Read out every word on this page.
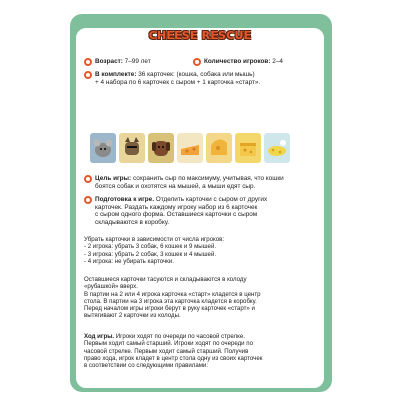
CHEESE RESCUE
Возраст: 7–99 лет	Количество игроков: 2–4
В комплекте: 36 карточек: (кошка, собака или мышь)
+ 4 набора по 6 карточек с сыром + 1 карточка «старт».
Цель игры: сохранить сыр по максимуму, учитывая, что кошки
боятся собак и охотятся на мышей, а мыши едят сыр.
Подготовка к игре. Отделить карточки с сыром от других
карточек. Раздать каждому игроку набор из 6 карточек
с сыром одного форма. Оставшиеся карточки с сыром
складываются в коробку.
Убрать карточки в зависимости от числа игроков:
- 2 игрока: убрать 3 собак, 6 кошек и 9 мышей.
- 3 игрока: убрать 2 собак, 3 кошек и 4 мышей.
- 4 игрока: не убирать карточки.
Оставшиеся карточки тасуются и складываются в колоду
«рубашкой» вверх.
В партии на 2 или 4 игрока карточка «старт» кладется в центр
стола. В партии на 3 игрока эта карточка кладется в коробку.
Перед началом игры игроки берут в руку карточек «старт» и
вытягивают 2 карточки из колоды.
Ход игры. Игроки ходят по очереди по часовой стрелке.
Первым ходит самый старший. Игроки ходят по очереди по
часовой стрелке. Первым ходит самый старший. Получив
право хода, игрок кладет в центр стола одну из своих карточек
в соответствии со следующими правилами:
